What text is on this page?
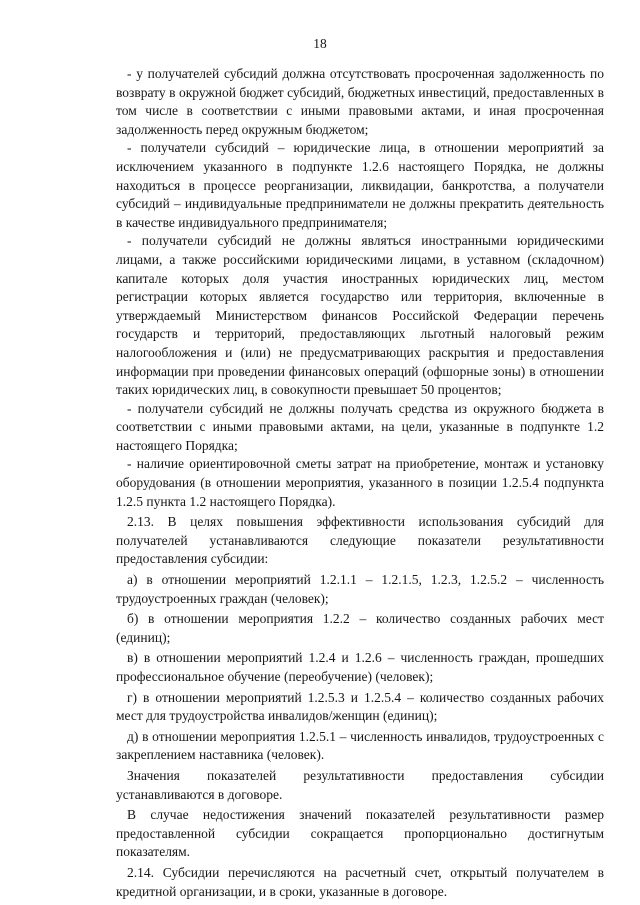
18

- у получателей субсидий должна отсутствовать просроченная задолженность по возврату в окружной бюджет субсидий, бюджетных инвестиций, предоставленных в том числе в соответствии с иными правовыми актами, и иная просроченная задолженность перед окружным бюджетом;

- получатели субсидий – юридические лица, в отношении мероприятий за исключением указанного в подпункте 1.2.6 настоящего Порядка, не должны находиться в процессе реорганизации, ликвидации, банкротства, а получатели субсидий – индивидуальные предприниматели не должны прекратить деятельность в качестве индивидуального предпринимателя;

- получатели субсидий не должны являться иностранными юридическими лицами, а также российскими юридическими лицами, в уставном (складочном) капитале которых доля участия иностранных юридических лиц, местом регистрации которых является государство или территория, включенные в утверждаемый Министерством финансов Российской Федерации перечень государств и территорий, предоставляющих льготный налоговый режим налогообложения и (или) не предусматривающих раскрытия и предоставления информации при проведении финансовых операций (офшорные зоны) в отношении таких юридических лиц, в совокупности превышает 50 процентов;

- получатели субсидий не должны получать средства из окружного бюджета в соответствии с иными правовыми актами, на цели, указанные в подпункте 1.2 настоящего Порядка;

- наличие ориентировочной сметы затрат на приобретение, монтаж и установку оборудования (в отношении мероприятия, указанного в позиции 1.2.5.4 подпункта 1.2.5 пункта 1.2 настоящего Порядка).

2.13. В целях повышения эффективности использования субсидий для получателей устанавливаются следующие показатели результативности предоставления субсидии:

а) в отношении мероприятий 1.2.1.1 – 1.2.1.5, 1.2.3, 1.2.5.2 – численность трудоустроенных граждан (человек);

б) в отношении мероприятия 1.2.2 – количество созданных рабочих мест (единиц);

в) в отношении мероприятий 1.2.4 и 1.2.6 – численность граждан, прошедших профессиональное обучение (переобучение) (человек);

г) в отношении мероприятий 1.2.5.3 и 1.2.5.4 – количество созданных рабочих мест для трудоустройства инвалидов/женщин (единиц);

д) в отношении мероприятия 1.2.5.1 – численность инвалидов, трудоустроенных с закреплением наставника (человек).

Значения показателей результативности предоставления субсидии устанавливаются в договоре.

В случае недостижения значений показателей результативности размер предоставленной субсидии сокращается пропорционально достигнутым показателям.

2.14. Субсидии перечисляются на расчетный счет, открытый получателем в кредитной организации, и в сроки, указанные в договоре.
